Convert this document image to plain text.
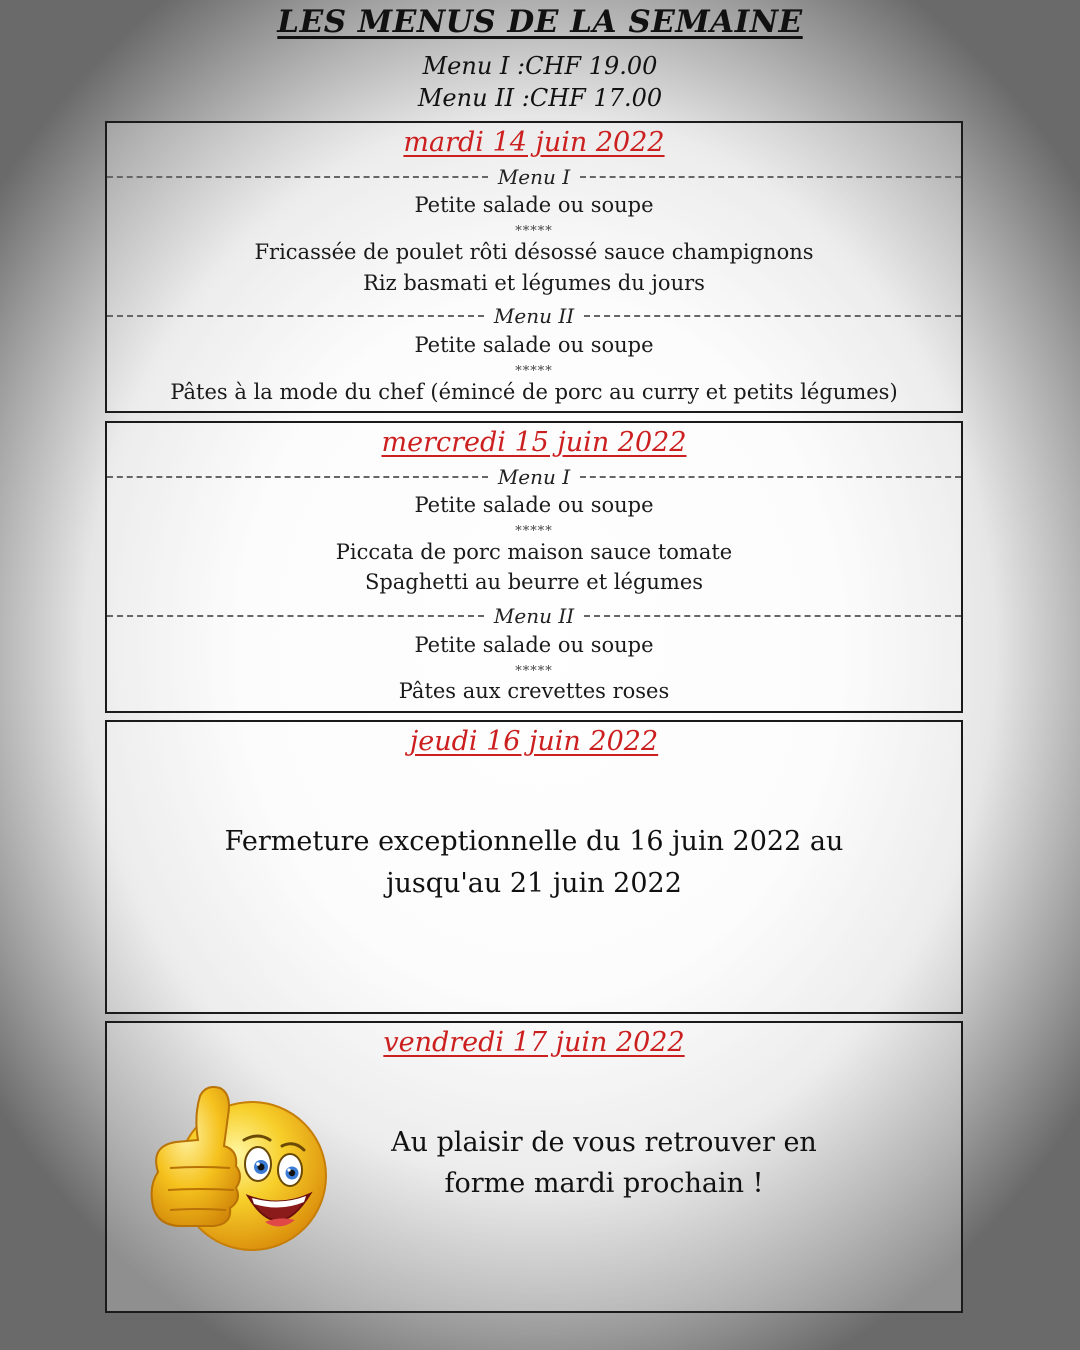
LES MENUS DE LA SEMAINE
Menu I :CHF 19.00
Menu II :CHF 17.00
mardi 14 juin 2022
Menu I
Petite salade ou soupe
*****
Fricassée de poulet rôti désossé sauce champignons
Riz basmati et légumes du jours
Menu II
Petite salade ou soupe
*****
Pâtes à la mode du chef (émincé de porc au curry et petits légumes)
mercredi 15 juin 2022
Menu I
Petite salade ou soupe
*****
Piccata de porc maison sauce tomate
Spaghetti au beurre et légumes
Menu II
Petite salade ou soupe
*****
Pâtes aux crevettes roses
jeudi 16 juin 2022
Fermeture exceptionnelle du 16 juin 2022 au
jusqu'au 21 juin 2022
vendredi 17 juin 2022
Au plaisir de vous retrouver en
forme mardi prochain !
